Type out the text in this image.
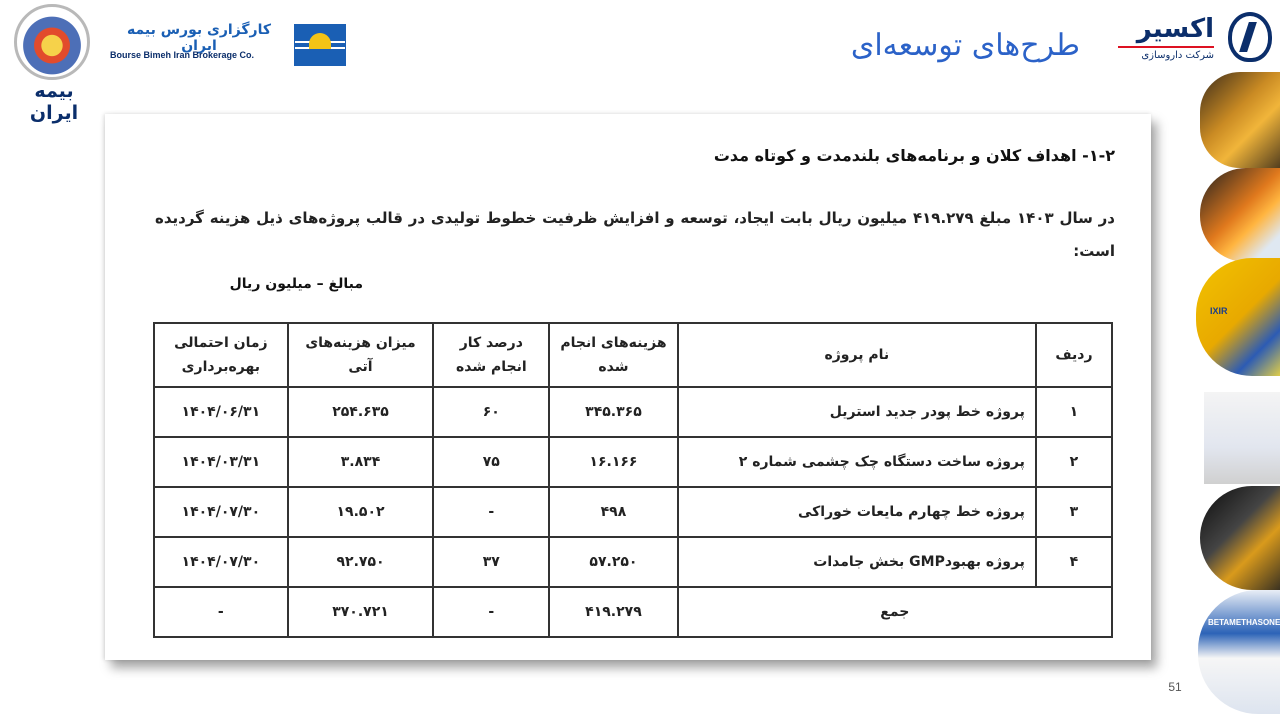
بیمه ایران
کارگزاری بورس بیمه ایران
Bourse Bimeh Iran Brokerage Co.	طرح‌های توسعه‌ای	اکسیر
شرکت داروسازی
IXIR
BETAMETHASONE
۱-۲- اهداف کلان و برنامه‌های بلندمدت و کوتاه مدت
در سال ۱۴۰۳ مبلغ ۴۱۹.۲۷۹ میلیون ریال بابت ایجاد، توسعه و افزایش ظرفیت خطوط تولیدی در قالب پروژه‌های ذیل هزینه گردیده است:
مبالغ – میلیون ریال
ردیف	نام پروژه	هزینه‌های انجام شده	درصد کار انجام شده	میزان هزینه‌های آتی	زمان احتمالی بهره‌برداری
۱	پروژه خط پودر جدید استریل	۳۴۵.۳۶۵	۶۰	۲۵۴.۶۳۵	۱۴۰۴/۰۶/۳۱
۲	پروژه ساخت دستگاه چک چشمی شماره ۲	۱۶.۱۶۶	۷۵	۳.۸۳۴	۱۴۰۴/۰۳/۳۱
۳	پروژه خط چهارم مایعات خوراکی	۴۹۸	-	۱۹.۵۰۲	۱۴۰۴/۰۷/۳۰
۴	پروژه بهبودGMP بخش جامدات	۵۷.۲۵۰	۳۷	۹۲.۷۵۰	۱۴۰۴/۰۷/۳۰
جمع		۴۱۹.۲۷۹	-	۳۷۰.۷۲۱	-
51
